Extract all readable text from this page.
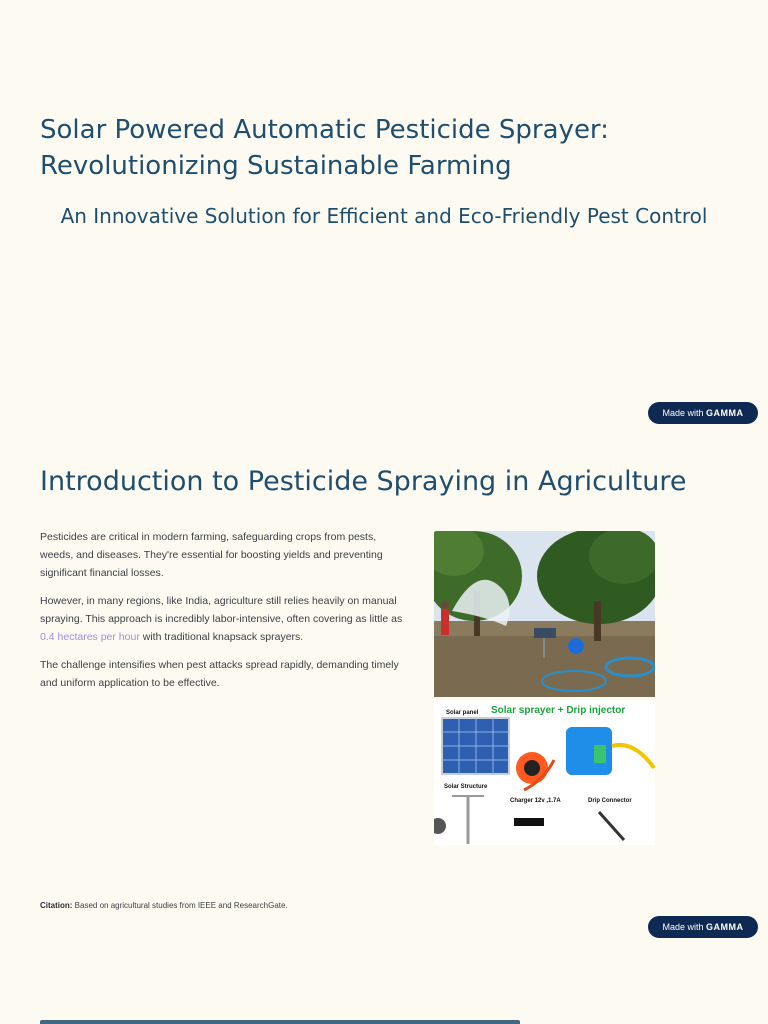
Solar Powered Automatic Pesticide Sprayer:
Revolutionizing Sustainable Farming

An Innovative Solution for Efficient and Eco-Friendly Pest Control

Made with GAMMA
Introduction to Pesticide Spraying in Agriculture

Pesticides are critical in modern farming, safeguarding crops from pests, weeds, and diseases. They're essential for boosting yields and preventing significant financial losses.

However, in many regions, like India, agriculture still relies heavily on manual spraying. This approach is incredibly labor-intensive, often covering as little as 0.4 hectares per hour with traditional knapsack sprayers.

The challenge intensifies when pest attacks spread rapidly, demanding timely and uniform application to be effective.

Solar sprayer + Drip injector
Solar panel
Solar Structure
Charger 12v ,1.7A	Drip Connector
Citation: Based on agricultural studies from IEEE and ResearchGate.
Made with GAMMA
